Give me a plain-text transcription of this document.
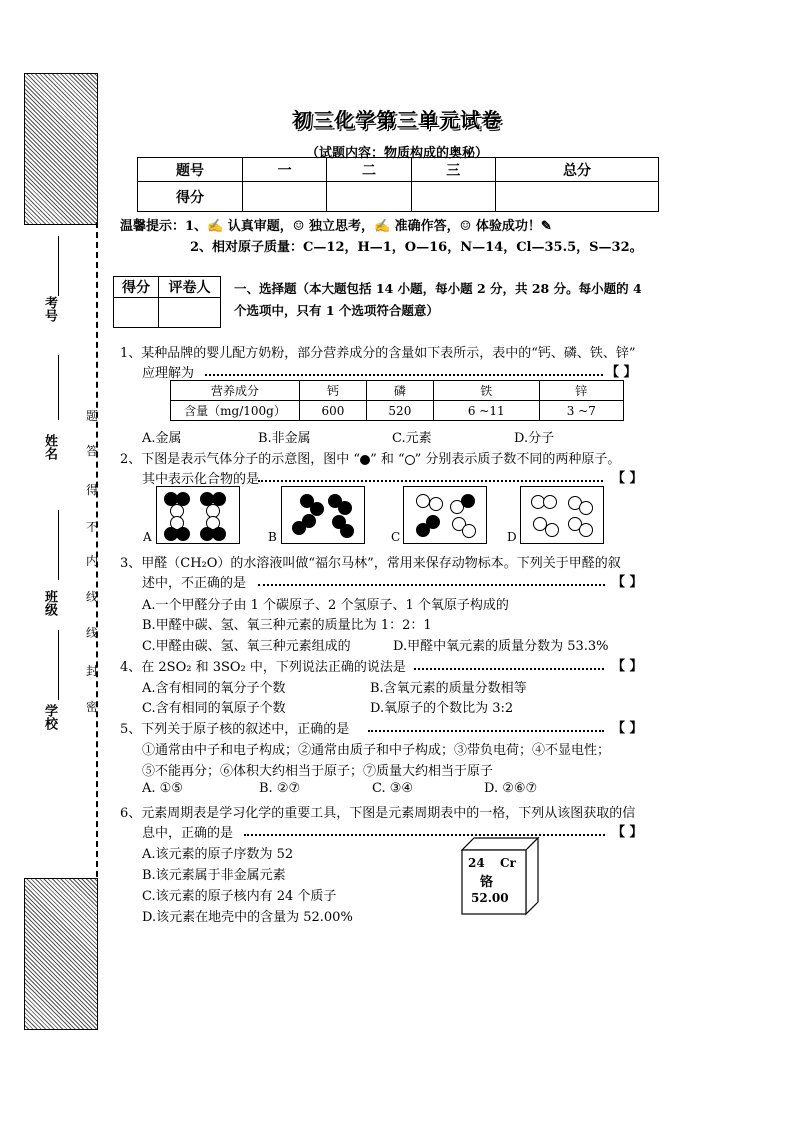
考号
姓名
班级
学校
题
答
得
不
内
线
线
封
密
初三化学第三单元试卷
（试题内容：物质构成的奥秘）
题号	一	二	三	总分
得分				
温馨提示：1、✍ 认真审题，☺ 独立思考，✍ 准确作答，☺ 体验成功！✎
2、相对原子质量：C—12，H—1，O—16，N—14，Cl—35.5，S—32。
得分	评卷人
	一、选择题（本大题包括 14 小题，每小题 2 分，共 28 分。每小题的 4
个选项中，只有 1 个选项符合题意）
1、某种品牌的婴儿配方奶粉，部分营养成分的含量如下表所示，表中的“钙、磷、铁、锌”
应理解为	【 】
营养成分	钙	磷	铁	锌
含量（mg/100g）	600	520	6 ~11	3 ~7
A.金属	B.非金属	C.元素	D.分子
2、下图是表示气体分子的示意图，图中 “ ” 和 “ ” 分别表示质子数不同的两种原子。
其中表示化合物的是	【 】
A	B	C	D
3、甲醛（CH₂O）的水溶液叫做“福尔马林”，常用来保存动物标本。下列关于甲醛的叙
述中，不正确的是	【 】
A.一个甲醛分子由 1 个碳原子、2 个氢原子、1 个氧原子构成的
B.甲醛中碳、氢、氧三种元素的质量比为 1：2：1
C.甲醛由碳、氢、氧三种元素组成的	D.甲醛中氧元素的质量分数为 53.3%
4、在 2SO₂ 和 3SO₂ 中，下列说法正确的说法是	【 】
A.含有相同的氧分子个数	B.含氧元素的质量分数相等
C.含有相同的氧原子个数	D.氧原子的个数比为 3:2
5、下列关于原子核的叙述中，正确的是	【 】
①通常由中子和电子构成；②通常由质子和中子构成；③带负电荷；④不显电性；
⑤不能再分；⑥体积大约相当于原子；⑦质量大约相当于原子
A. ①⑤	B. ②⑦	C. ③④	D. ②⑥⑦
6、元素周期表是学习化学的重要工具，下图是元素周期表中的一格，下列从该图获取的信
息中，正确的是	【 】
A.该元素的原子序数为 52
B.该元素属于非金属元素
C.该元素的原子核内有 24 个质子
D.该元素在地壳中的含量为 52.00%
24 Cr
铬
52.00
